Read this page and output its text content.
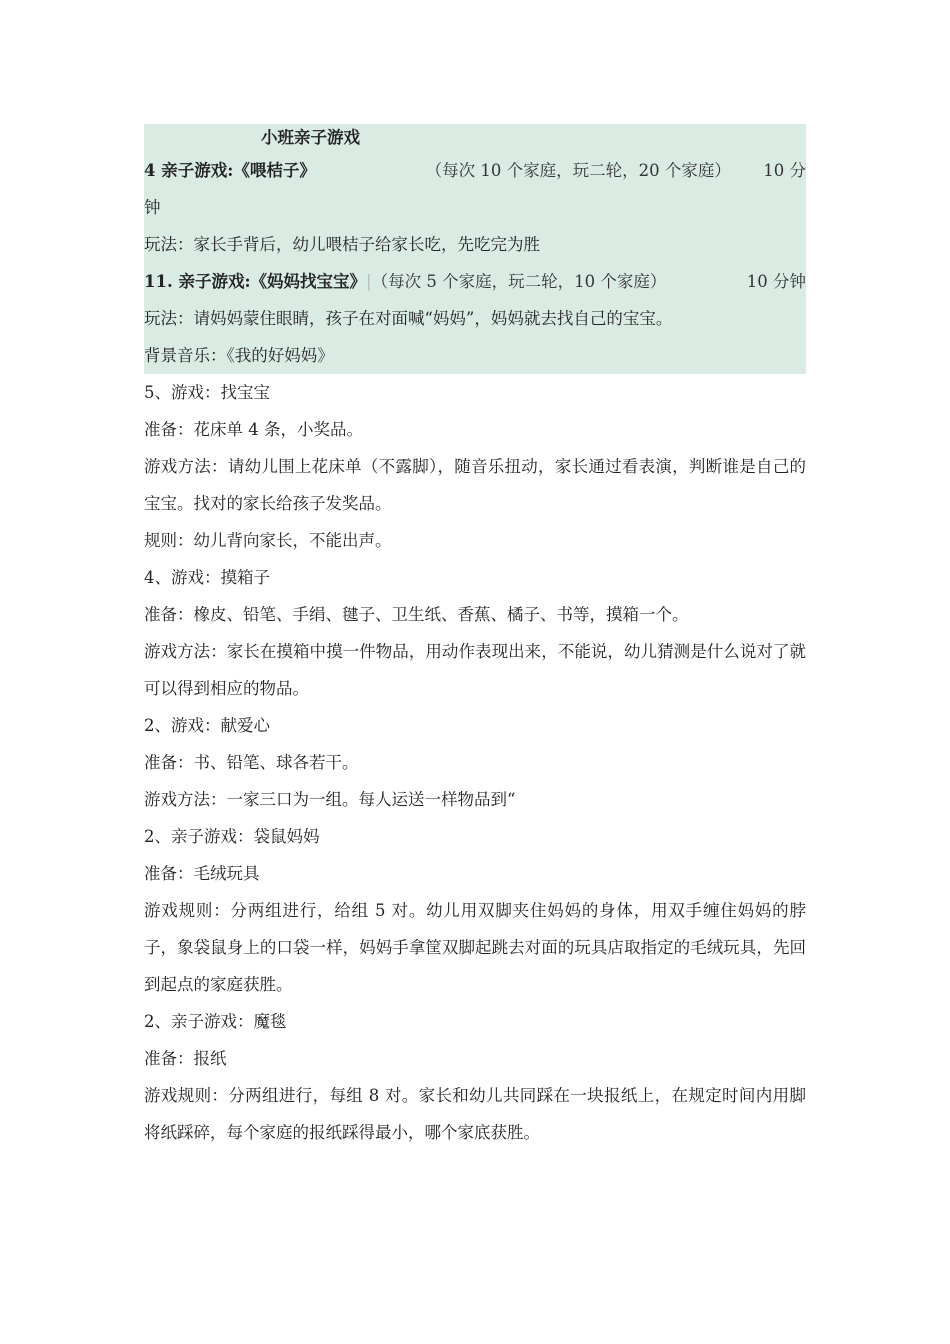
小班亲子游戏
4 亲子游戏:《喂桔子》	（每次 10 个家庭，玩二轮，20 个家庭）	10 分
钟
玩法：家长手背后，幼儿喂桔子给家长吃，先吃完为胜
11. 亲子游戏:《妈妈找宝宝》 | （每次 5 个家庭，玩二轮，10 个家庭）	10 分钟
玩法：请妈妈蒙住眼睛，孩子在对面喊“妈妈”，妈妈就去找自己的宝宝。
背景音乐：《我的好妈妈》
5、游戏：找宝宝
准备：花床单 4 条，小奖品。
游戏方法：请幼儿围上花床单（不露脚），随音乐扭动，家长通过看表演，判断谁是自己的宝宝。找对的家长给孩子发奖品。
规则：幼儿背向家长，不能出声。
4、游戏：摸箱子
准备：橡皮、铅笔、手绢、毽子、卫生纸、香蕉、橘子、书等，摸箱一个。
游戏方法：家长在摸箱中摸一件物品，用动作表现出来，不能说，幼儿猜测是什么说对了就可以得到相应的物品。
2、游戏：献爱心
准备：书、铅笔、球各若干。
游戏方法：一家三口为一组。每人运送一样物品到“
2、亲子游戏：袋鼠妈妈
准备：毛绒玩具
游戏规则：分两组进行，给组 5 对。幼儿用双脚夹住妈妈的身体，用双手缠住妈妈的脖子，象袋鼠身上的口袋一样，妈妈手拿筐双脚起跳去对面的玩具店取指定的毛绒玩具，先回到起点的家庭获胜。
2、亲子游戏：魔毯
准备：报纸
游戏规则：分两组进行，每组 8 对。家长和幼儿共同踩在一块报纸上，在规定时间内用脚将纸踩碎，每个家庭的报纸踩得最小，哪个家底获胜。
